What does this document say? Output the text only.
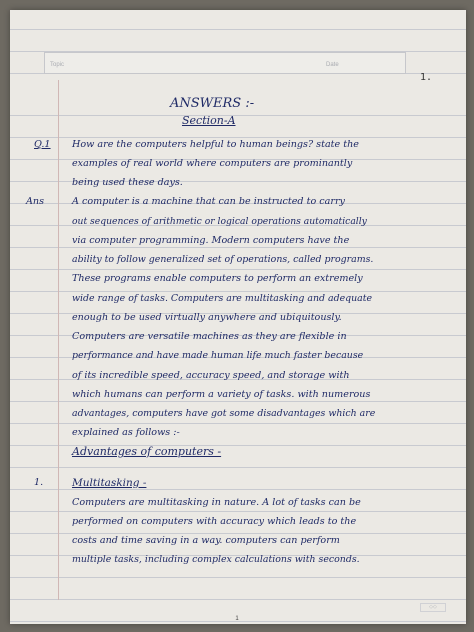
Topic	Date
1.
ANSWERS :-
Section-A
Q.1 How are the computers helpful to human beings? state the
examples of real world where computers are prominantly
being used these days.
Ans	A computer is a machine that can be instructed to carry
out sequences of arithmetic or logical operations automatically
via computer programming. Modern computers have the
ability to follow generalized set of operations, called programs.
These programs enable computers to perform an extremely
wide range of tasks. Computers are multitasking and adequate
enough to be used virtually anywhere and ubiquitously.
Computers are versatile machines as they are flexible in
performance and have made human life much faster because
of its incredible speed, accuracy speed, and storage with
which humans can perform a variety of tasks. with numerous
advantages, computers have got some disadvantages which are
explained as follows :-
Advantages of computers -
1.	Multitasking -
Computers are multitasking in nature. A lot of tasks can be
performed on computers with accuracy which leads to the
costs and time saving in a way. computers can perform
multiple tasks, including complex calculations with seconds.
◇◇
1
